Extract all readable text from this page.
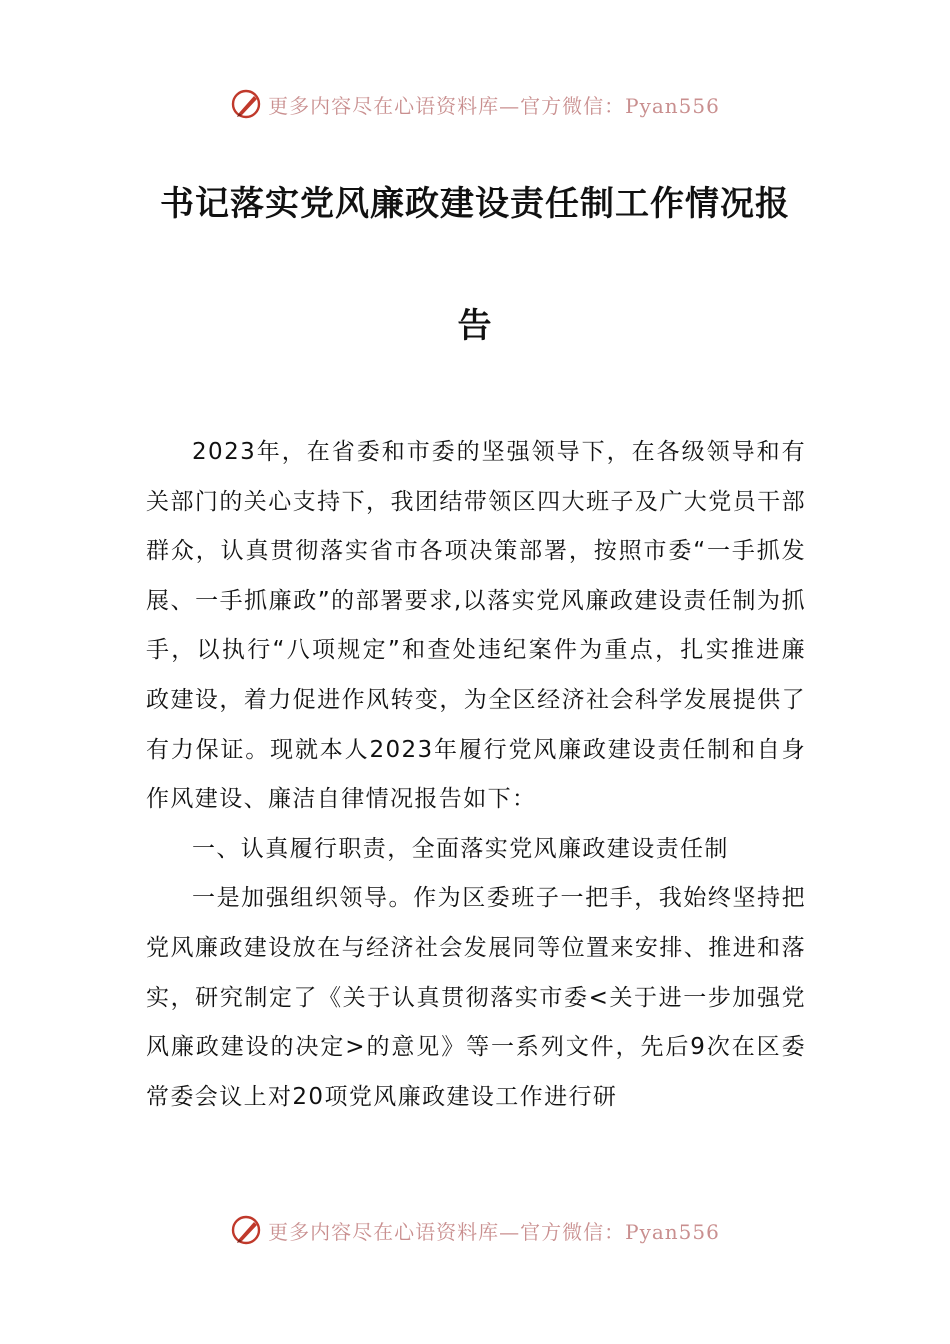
更多内容尽在心语资料库—官方微信：Pyan556
书记落实党风廉政建设责任制工作情况报
告

2023年，在省委和市委的坚强领导下，在各级领导和有关部门的关心支持下，我团结带领区四大班子及广大党员干部群众，认真贯彻落实省市各项决策部署，按照市委“一手抓发展、一手抓廉政”的部署要求,以落实党风廉政建设责任制为抓手，以执行“八项规定”和查处违纪案件为重点，扎实推进廉政建设，着力促进作风转变，为全区经济社会科学发展提供了有力保证。现就本人2023年履行党风廉政建设责任制和自身作风建设、廉洁自律情况报告如下：

一、认真履行职责，全面落实党风廉政建设责任制

一是加强组织领导。作为区委班子一把手，我始终坚持把党风廉政建设放在与经济社会发展同等位置来安排、推进和落实，研究制定了《关于认真贯彻落实市委<关于进一步加强党风廉政建设的决定>的意见》等一系列文件，先后9次在区委常委会议上对20项党风廉政建设工作进行研

更多内容尽在心语资料库—官方微信：Pyan556
